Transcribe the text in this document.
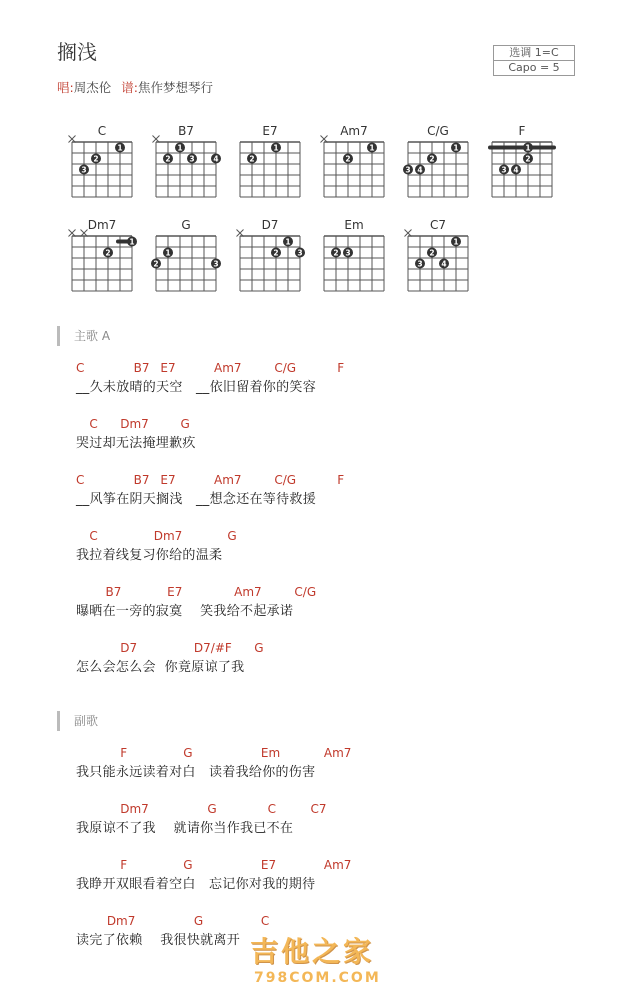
搁浅
唱:周杰伦 谱:焦作梦想琴行
选调 1=C
Capo = 5
C
1
2
3
B7
1
2	3	4
E7
1
2
Am7
1
2
C/G
1
2
3 4
F
1
2
3 4
Dm7
1
2
G
1
2	3
D7
1
2	3
Em
2 3
C7
1
2
3	4
主歌 A
C	B7 E7	Am7	C/G	F
__久未放晴的天空   __依旧留着你的笑容
C Dm7	G
哭过却无法掩埋歉疚
C	B7 E7	Am7	C/G	F
__风筝在阴天搁浅   __想念还在等待救援
C	Dm7	G
我拉着线复习你给的温柔
B7	E7	Am7	C/G
曝晒在一旁的寂寞    笑我给不起承诺
D7	D7/#F G
怎么会怎么会  你竟原谅了我
副歌
F	G	Em	Am7
我只能永远读着对白   读着我给你的伤害
Dm7	G	C	C7
我原谅不了我    就请你当作我已不在
F	G	E7	Am7
我睁开双眼看着空白   忘记你对我的期待
Dm7	G	C
读完了依赖    我很快就离开 吉他之家
798COM.COM
